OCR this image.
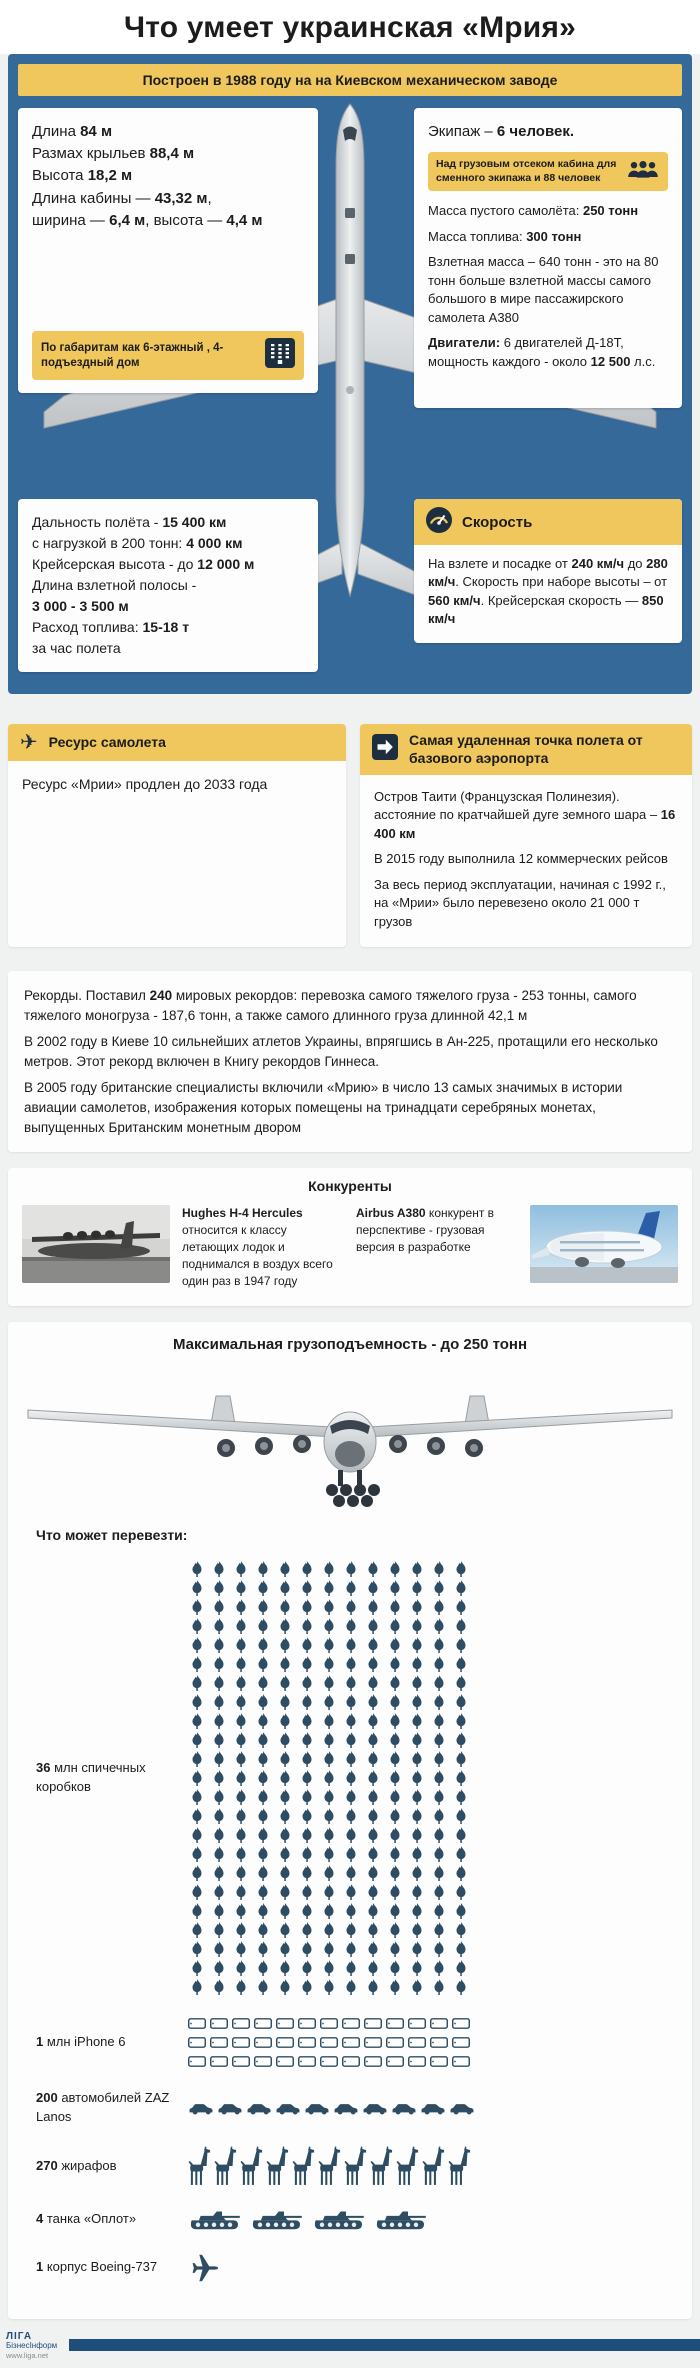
Что умеет украинская «Мрия»
Построен в 1988 году на на Киевском механическом заводе
Длина 84 м
Размах крыльев 88,4 м
Высота 18,2 м
Длина кабины — 43,32 м,
ширина — 6,4 м, высота — 4,4 м
По габаритам как 6-этажный , 4-подъездный дом
Экипаж – 6 человек.
Над грузовым отсеком кабина для сменного экипажа и 88 человек
Масса пустого самолёта: 250 тонн
Масса топлива: 300 тонн
Взлетная масса – 640 тонн - это на 80 тонн больше взлетной массы самого большого в мире пассажирского самолета A380
Двигатели: 6 двигателей Д-18Т, мощность каждого - около 12 500 л.с.
Дальность полёта - 15 400 км
с нагрузкой в 200 тонн: 4 000 км
Крейсерская высота - до 12 000 м
Длина взлетной полосы -
3 000 - 3 500 м
Расход топлива: 15-18 т
за час полета
Скорость
На взлете и посадке от 240 км/ч до 280 км/ч. Скорость при наборе высоты – от 560 км/ч. Крейсерская скорость — 850 км/ч
✈ Ресурс самолета
Ресурс «Мрии» продлен до 2033 года
Самая удаленная точка полета от базового аэропорта
Остров Таити (Французская Полинезия). асстояние по кратчайшей дуге земного шара – 16 400 км
В 2015 году выполнила 12 коммерческих рейсов
За весь период эксплуатации, начиная с 1992 г., на «Мрии» было перевезено около 21 000 т грузов
Рекорды. Поставил 240 мировых рекордов: перевозка самого тяжелого груза - 253 тонны, самого тяжелого моногруза - 187,6 тонн, а также самого длинного груза длинной 42,1 м
В 2002 году в Киеве 10 сильнейших атлетов Украины, впрягшись в Ан-225, протащили его несколько метров. Этот рекорд включен в Книгу рекордов Гиннеса.
В 2005 году британские специалисты включили «Мрию» в число 13 самых значимых в истории авиации самолетов, изображения которых помещены на тринадцати серебряных монетах, выпущенных Британским монетным двором
Конкуренты
Hughes H-4 Hercules относится к классу летающих лодок и поднимался в воздух всего один раз в 1947 году
Airbus A380 конкурент в перспективе - грузовая версия в разработке
Максимальная грузоподъемность - до 250 тонн
Что может перевезти:
36 млн спичечных
коробков
1 млн iPhone 6
200 автомобилей ZAZ
Lanos
270 жирафов
4 танка «Оплот»
1 корпус Boeing-737
ЛІГА
БізнесІнформ
www.liga.net
